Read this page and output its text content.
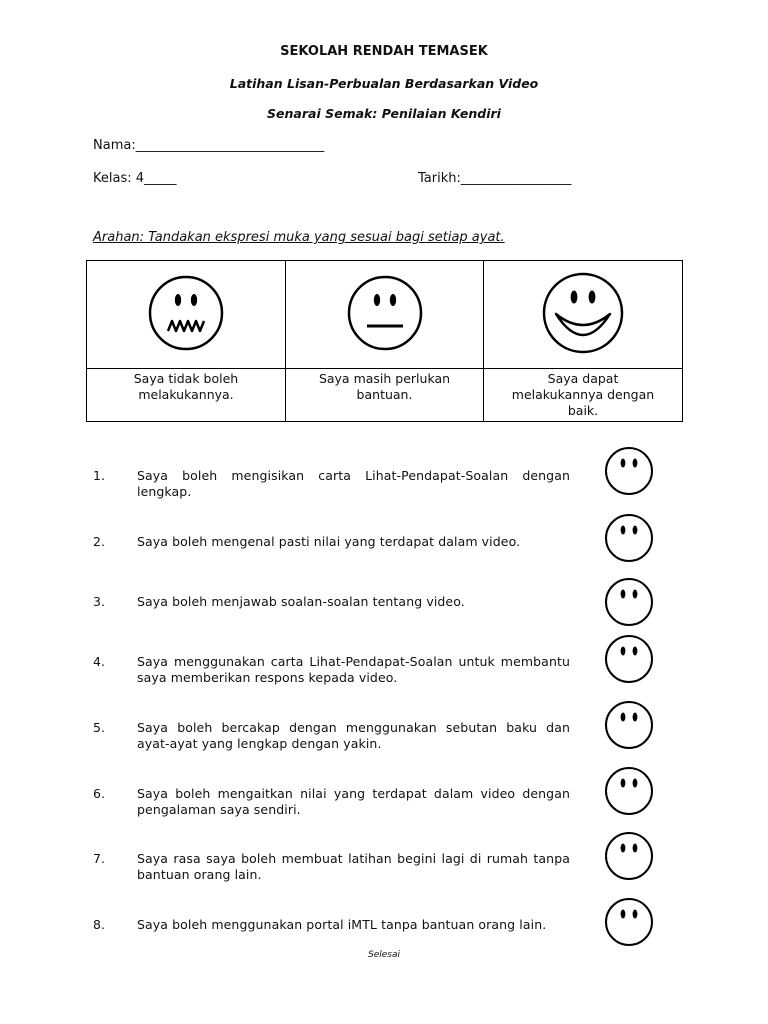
SEKOLAH RENDAH TEMASEK
Latihan Lisan-Perbualan Berdasarkan Video
Senarai Semak: Penilaian Kendiri
Nama:_____________________________
Kelas: 4_____	Tarikh:_________________
Arahan: Tandakan ekspresi muka yang sesuai bagi setiap ayat.

Saya tidak boleh melakukannya.	Saya masih perlukan bantuan.	Saya dapat melakukannya dengan baik.
1.	Saya boleh mengisikan carta Lihat-Pendapat-Soalan dengan lengkap.
2.	Saya boleh mengenal pasti nilai yang terdapat dalam video.
3.	Saya boleh menjawab soalan-soalan tentang video.
4.	Saya menggunakan carta Lihat-Pendapat-Soalan untuk membantu saya memberikan respons kepada video.
5.	Saya boleh bercakap dengan menggunakan sebutan baku dan ayat-ayat yang lengkap dengan yakin.
6.	Saya boleh mengaitkan nilai yang terdapat dalam video dengan pengalaman saya sendiri.
7.	Saya rasa saya boleh membuat latihan begini lagi di rumah tanpa bantuan orang lain.
8.	Saya boleh menggunakan portal iMTL tanpa bantuan orang lain.
Selesai
